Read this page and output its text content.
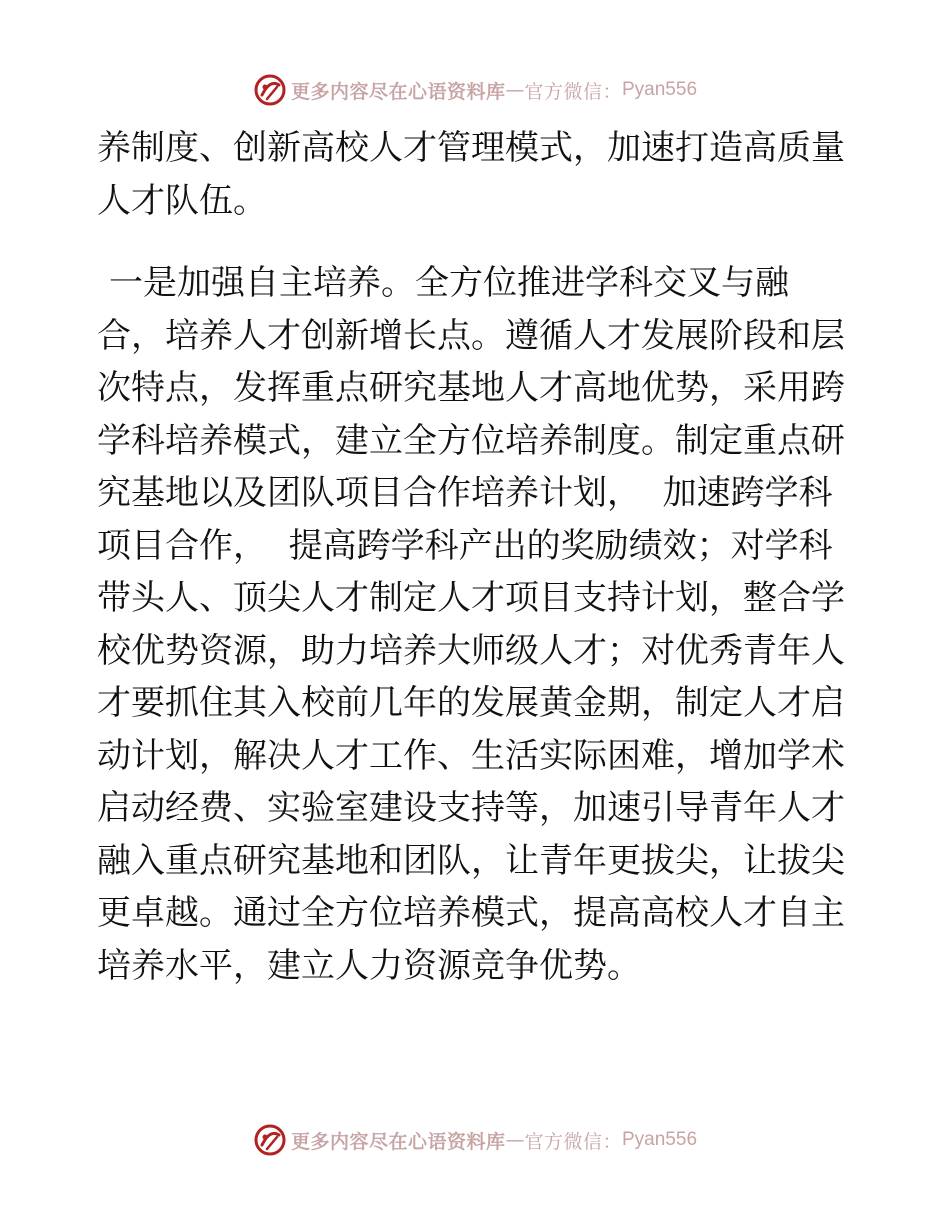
更多内容尽在心语资料库 — 官方微信： Pyan556
养制度、创新高校人才管理模式，加速打造高质量
人才队伍。
一是加强自主培养。全方位推进学科交叉与融
合，培养人才创新增长点。遵循人才发展阶段和层
次特点，发挥重点研究基地人才高地优势，采用跨
学科培养模式，建立全方位培养制度。制定重点研
究基地以及团队项目合作培养计划，  加速跨学科
项目合作，  提高跨学科产出的奖励绩效；对学科
带头人、顶尖人才制定人才项目支持计划，整合学
校优势资源，助力培养大师级人才；对优秀青年人
才要抓住其入校前几年的发展黄金期，制定人才启
动计划，解决人才工作、生活实际困难，增加学术
启动经费、实验室建设支持等，加速引导青年人才
融入重点研究基地和团队，让青年更拔尖，让拔尖
更卓越。通过全方位培养模式，提高高校人才自主
培养水平，建立人力资源竞争优势。
更多内容尽在心语资料库 — 官方微信： Pyan556
